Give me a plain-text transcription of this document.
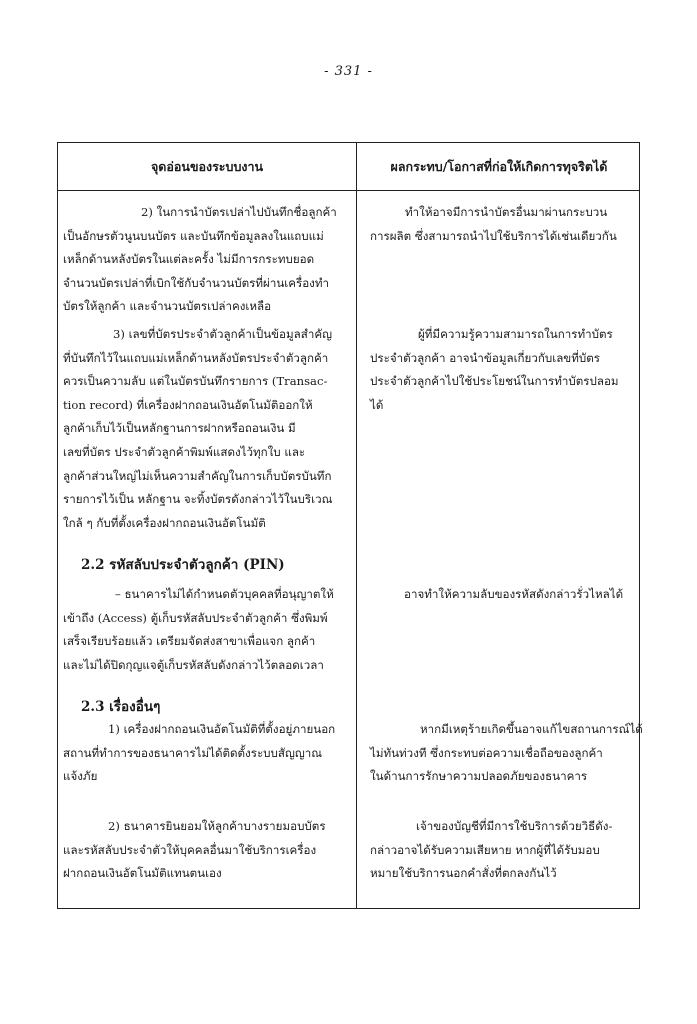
- 331 -
จุดอ่อนของระบบงาน	ผลกระทบ/โอกาสที่ก่อให้เกิดการทุจริตได้
2) ในการนำบัตรเปล่าไปบันทึกชื่อลูกค้า
เป็นอักษรตัวนูนบนบัตร และบันทึกข้อมูลลงในแถบแม่
เหล็กด้านหลังบัตรในแต่ละครั้ง ไม่มีการกระทบยอด
จำนวนบัตรเปล่าที่เบิกใช้กับจำนวนบัตรที่ผ่านเครื่องทำ
บัตรให้ลูกค้า และจำนวนบัตรเปล่าคงเหลือ
ทำให้อาจมีการนำบัตรอื่นมาผ่านกระบวน
การผลิต ซึ่งสามารถนำไปใช้บริการได้เช่นเดียวกัน
3) เลขที่บัตรประจำตัวลูกค้าเป็นข้อมูลสำคัญ
ที่บันทึกไว้ในแถบแม่เหล็กด้านหลังบัตรประจำตัวลูกค้า
ควรเป็นความลับ แต่ในบัตรบันทึกรายการ (Transac-
tion record) ที่เครื่องฝากถอนเงินอัตโนมัติออกให้
ลูกค้าเก็บไว้เป็นหลักฐานการฝากหรือถอนเงิน มี
เลขที่บัตร ประจำตัวลูกค้าพิมพ์แสดงไว้ทุกใบ และ
ลูกค้าส่วนใหญ่ไม่เห็นความสำคัญในการเก็บบัตรบันทึก
รายการไว้เป็น หลักฐาน จะทิ้งบัตรดังกล่าวไว้ในบริเวณ
ใกล้ ๆ กับที่ตั้งเครื่องฝากถอนเงินอัตโนมัติ
ผู้ที่มีความรู้ความสามารถในการทำบัตร
ประจำตัวลูกค้า อาจนำข้อมูลเกี่ยวกับเลขที่บัตร
ประจำตัวลูกค้าไปใช้ประโยชน์ในการทำบัตรปลอม
ได้
2.2 รหัสลับประจำตัวลูกค้า (PIN)
– ธนาคารไม่ได้กำหนดตัวบุคคลที่อนุญาตให้
เข้าถึง (Access) ตู้เก็บรหัสลับประจำตัวลูกค้า ซึ่งพิมพ์
เสร็จเรียบร้อยแล้ว เตรียมจัดส่งสาขาเพื่อแจก ลูกค้า
และไม่ได้ปิดกุญแจตู้เก็บรหัสลับดังกล่าวไว้ตลอดเวลา
อาจทำให้ความลับของรหัสดังกล่าวรั่วไหลได้
2.3 เรื่องอื่นๆ
1) เครื่องฝากถอนเงินอัตโนมัติที่ตั้งอยู่ภายนอก
สถานที่ทำการของธนาคารไม่ได้ติดตั้งระบบสัญญาณ
แจ้งภัย
หากมีเหตุร้ายเกิดขึ้นอาจแก้ไขสถานการณ์ได้
ไม่ทันท่วงที ซึ่งกระทบต่อความเชื่อถือของลูกค้า
ในด้านการรักษาความปลอดภัยของธนาคาร
2) ธนาคารยินยอมให้ลูกค้าบางรายมอบบัตร
และรหัสลับประจำตัวให้บุคคลอื่นมาใช้บริการเครื่อง
ฝากถอนเงินอัตโนมัติแทนตนเอง
เจ้าของบัญชีที่มีการใช้บริการด้วยวิธีดัง-
กล่าวอาจได้รับความเสียหาย หากผู้ที่ได้รับมอบ
หมายใช้บริการนอกคำสั่งที่ตกลงกันไว้
